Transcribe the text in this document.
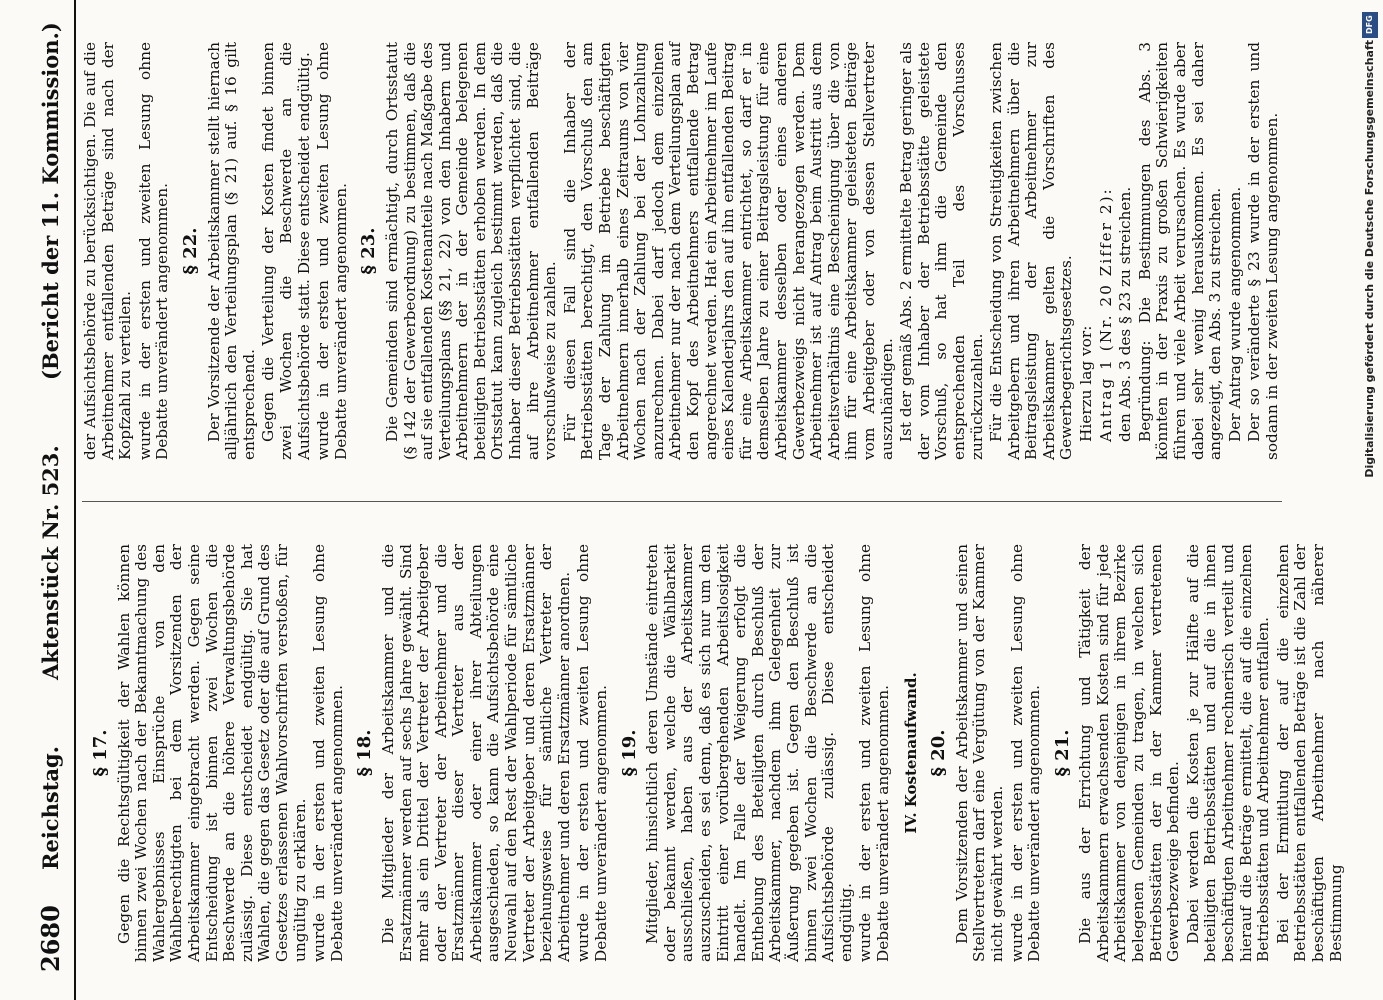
2680
Reichstag.
Aktenstück Nr. 523.
(Bericht der 11. Kommission.)
§ 17. Gegen die Rechtsgültigkeit der Wahlen können binnen zwei Wochen nach der Bekanntmachung des Wahlergebnisses Einsprüche von den Wahlberechtigten bei dem Vorsitzenden der Arbeitskammer eingebracht werden. Gegen seine Entscheidung ist binnen zwei Wochen die Beschwerde an die höhere Verwaltungsbehörde zulässig. Diese entscheidet endgültig. Sie hat Wahlen, die gegen das Gesetz oder die auf Grund des Gesetzes erlassenen Wahlvorschriften verstoßen, für ungültig zu erklären. wurde in der ersten und zweiten Lesung ohne Debatte unverändert angenommen. § 18. Die Mitglieder der Arbeitskammer und die Ersatzmänner werden auf sechs Jahre gewählt. Sind mehr als ein Drittel der Vertreter der Arbeitgeber oder der Vertreter der Arbeitnehmer und die Ersatzmänner dieser Vertreter aus der Arbeitskammer oder einer ihrer Abteilungen ausgeschieden, so kann die Aufsichtsbehörde eine Neuwahl auf den Rest der Wahlperiode für sämtliche Vertreter der Arbeitgeber und deren Ersatzmänner beziehungsweise für sämtliche Vertreter der Arbeitnehmer und deren Ersatzmänner anordnen. wurde in der ersten und zweiten Lesung ohne Debatte unverändert angenommen. § 19. Mitglieder, hinsichtlich deren Umstände eintreten oder bekannt werden, welche die Wählbarkeit ausschließen, haben aus der Arbeitskammer auszuscheiden, es sei denn, daß es sich nur um den Eintritt einer vorübergehenden Arbeitslosigkeit handelt. Im Falle der Weigerung erfolgt die Enthebung des Beteiligten durch Beschluß der Arbeitskammer, nachdem ihm Gelegenheit zur Äußerung gegeben ist. Gegen den Beschluß ist binnen zwei Wochen die Beschwerde an die Aufsichtsbehörde zulässig. Diese entscheidet endgültig. wurde in der ersten und zweiten Lesung ohne Debatte unverändert angenommen. IV. Kostenaufwand. § 20. Dem Vorsitzenden der Arbeitskammer und seinen Stellvertretern darf eine Vergütung von der Kammer nicht gewährt werden. wurde in der ersten und zweiten Lesung ohne Debatte unverändert angenommen. § 21. Die aus der Errichtung und Tätigkeit der Arbeitskammern erwachsenden Kosten sind für jede Arbeitskammer von denjenigen in ihrem Bezirke belegenen Gemeinden zu tragen, in welchen sich Betriebsstätten der in der Kammer vertretenen Gewerbezweige befinden. Dabei werden die Kosten je zur Hälfte auf die beteiligten Betriebsstätten und auf die in ihnen beschäftigten Arbeitnehmer rechnerisch verteilt und hierauf die Beträge ermittelt, die auf die einzelnen Betriebsstätten und Arbeitnehmer entfallen. Bei der Ermittlung der auf die einzelnen Betriebsstätten entfallenden Beträge ist die Zahl der beschäftigten Arbeitnehmer nach näherer Bestimmung

der Aufsichtsbehörde zu berücksichtigen. Die auf die Arbeitnehmer entfallenden Beträge sind nach der Kopfzahl zu verteilen. wurde in der ersten und zweiten Lesung ohne Debatte unverändert angenommen. § 22. Der Vorsitzende der Arbeitskammer stellt hiernach alljährlich den Verteilungsplan (§ 21) auf. § 16 gilt entsprechend. Gegen die Verteilung der Kosten findet binnen zwei Wochen die Beschwerde an die Aufsichtsbehörde statt. Diese entscheidet endgültig. wurde in der ersten und zweiten Lesung ohne Debatte unverändert angenommen. § 23. Die Gemeinden sind ermächtigt, durch Ortsstatut (§ 142 der Gewerbeordnung) zu bestimmen, daß die auf sie entfallenden Kostenanteile nach Maßgabe des Verteilungsplans (§§ 21, 22) von den Inhabern und Arbeitnehmern der in der Gemeinde belegenen beteiligten Betriebsstätten erhoben werden. In dem Ortsstatut kann zugleich bestimmt werden, daß die Inhaber dieser Betriebsstätten verpflichtet sind, die auf ihre Arbeitnehmer entfallenden Beiträge vorschußweise zu zahlen. Für diesen Fall sind die Inhaber der Betriebsstätten berechtigt, den Vorschuß den am Tage der Zahlung im Betriebe beschäftigten Arbeitnehmern innerhalb eines Zeitraums von vier Wochen nach der Zahlung bei der Lohnzahlung anzurechnen. Dabei darf jedoch dem einzelnen Arbeitnehmer nur der nach dem Verteilungsplan auf den Kopf des Arbeitnehmers entfallende Betrag angerechnet werden. Hat ein Arbeitnehmer im Laufe eines Kalenderjahrs den auf ihn entfallenden Beitrag für eine Arbeitskammer entrichtet, so darf er in demselben Jahre zu einer Beitragsleistung für eine Arbeitskammer desselben oder eines anderen Gewerbezweigs nicht herangezogen werden. Dem Arbeitnehmer ist auf Antrag beim Austritt aus dem Arbeitsverhältnis eine Bescheinigung über die von ihm für eine Arbeitskammer geleisteten Beiträge vom Arbeitgeber oder von dessen Stellvertreter auszuhändigen. Ist der gemäß Abs. 2 ermittelte Betrag geringer als der vom Inhaber der Betriebsstätte geleistete Vorschuß, so hat ihm die Gemeinde den entsprechenden Teil des Vorschusses zurückzuzahlen. Für die Entscheidung von Streitigkeiten zwischen Arbeitgebern und ihren Arbeitnehmern über die Beitragsleistung der Arbeitnehmer zur Arbeitskammer gelten die Vorschriften des Gewerbegerichtsgesetzes. Hierzu lag vor: Antrag 1 (Nr. 20 Ziffer 2): den Abs. 3 des § 23 zu streichen. Begründung: Die Bestimmungen des Abs. 3 könnten in der Praxis zu großen Schwierigkeiten führen und viele Arbeit verursachen. Es wurde aber dabei sehr wenig herauskommen. Es sei daher angezeigt, den Abs. 3 zu streichen. Der Antrag wurde angenommen. Der so veränderte § 23 wurde in der ersten und sodann in der zweiten Lesung angenommen.	Digitalisierung gefördert durch die Deutsche Forschungsgemeinschaft
DFG
